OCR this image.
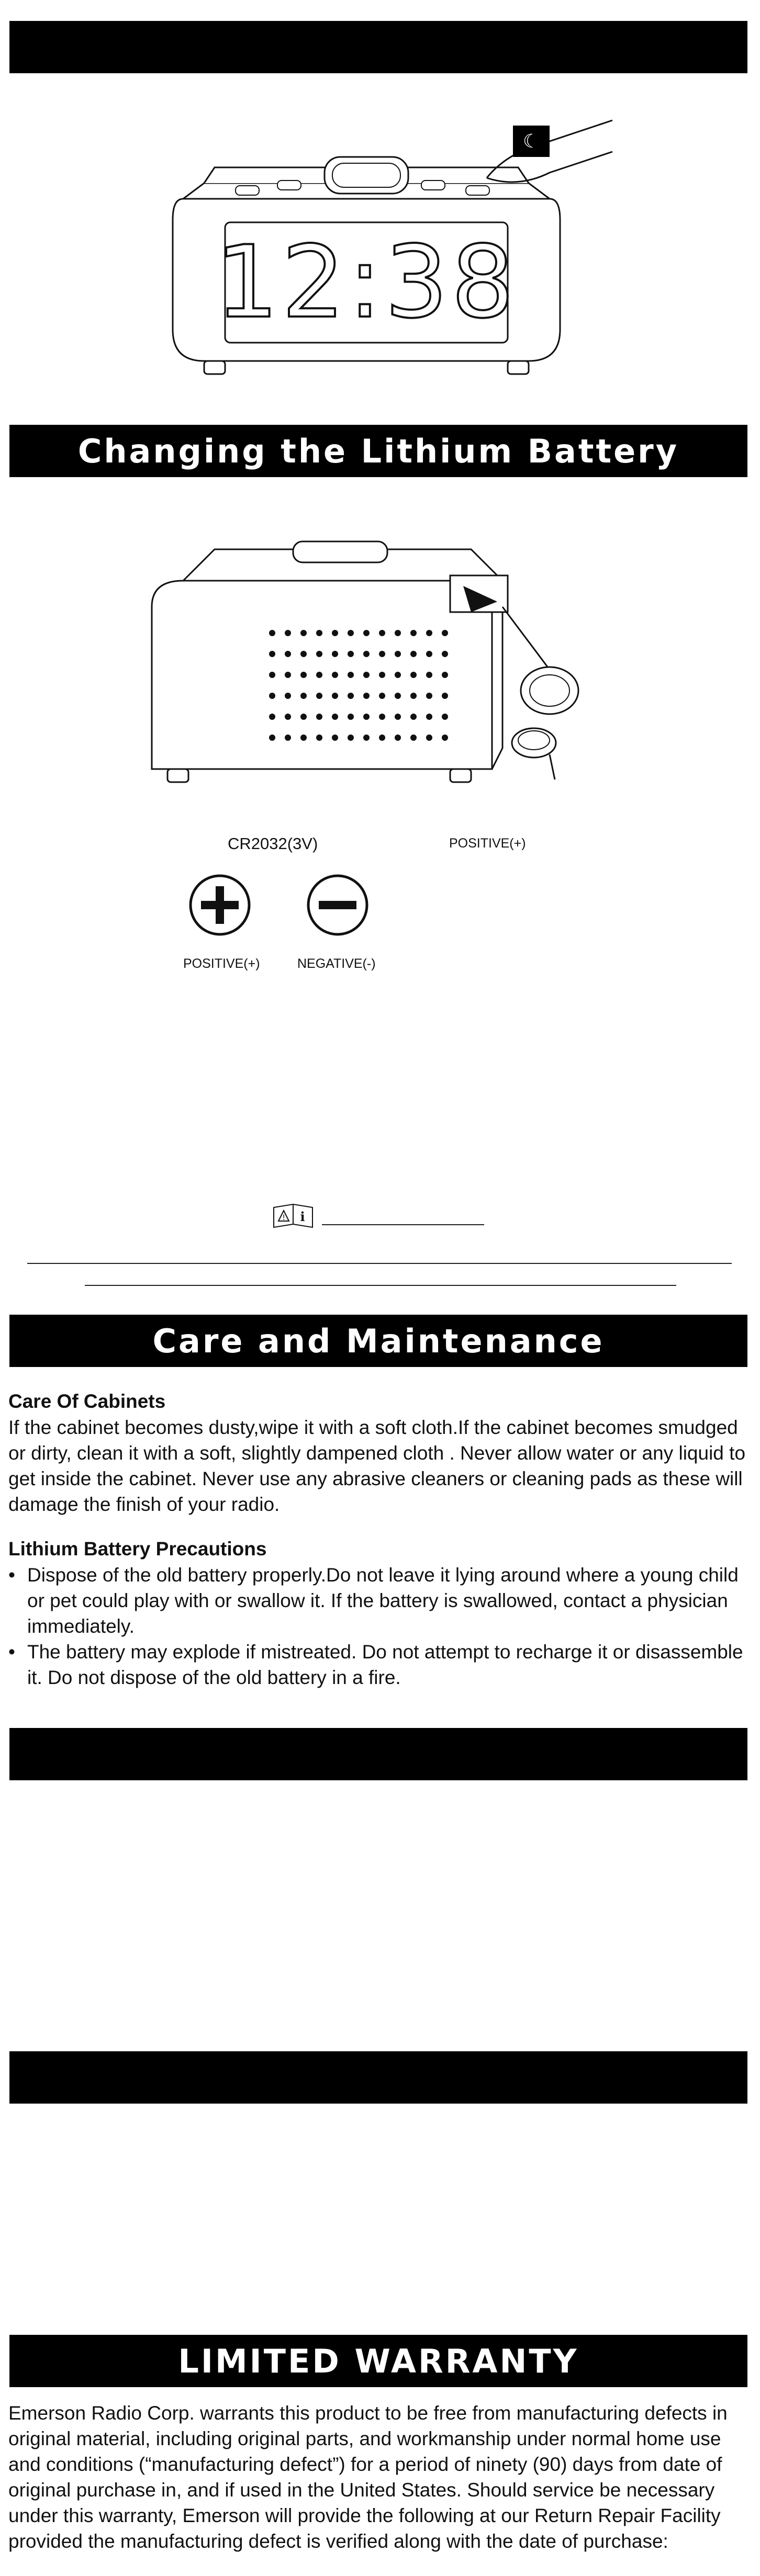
☾
12:38
Changing the Lithium Battery
CR2032(3V)	POSITIVE(+)
POSITIVE(+)	NEGATIVE(-)
! i
Care and Maintenance
Care Of Cabinets
If the cabinet becomes dusty,wipe it with a soft cloth.If the cabinet becomes smudged or dirty, clean it with a soft, slightly dampened cloth . Never allow water or any liquid to get inside the cabinet. Never use any abrasive cleaners or cleaning pads as these will damage the finish of your radio.
Lithium Battery Precautions
• Dispose of the old battery properly.Do not leave it lying around where a young child or pet could play with or swallow it. If the battery is swallowed, contact a physician immediately.
• The battery may explode if mistreated. Do not attempt to recharge it or disassemble it. Do not dispose of the old battery in a fire.
LIMITED WARRANTY
Emerson Radio Corp. warrants this product to be free from manufacturing defects in original material, including original parts, and workmanship under normal home use and conditions (“manufacturing defect”) for a period of ninety (90) days from date of original purchase in, and if used in the United States. Should service be necessary under this warranty, Emerson will provide the following at our Return Repair Facility provided the manufacturing defect is verified along with the date of purchase:
